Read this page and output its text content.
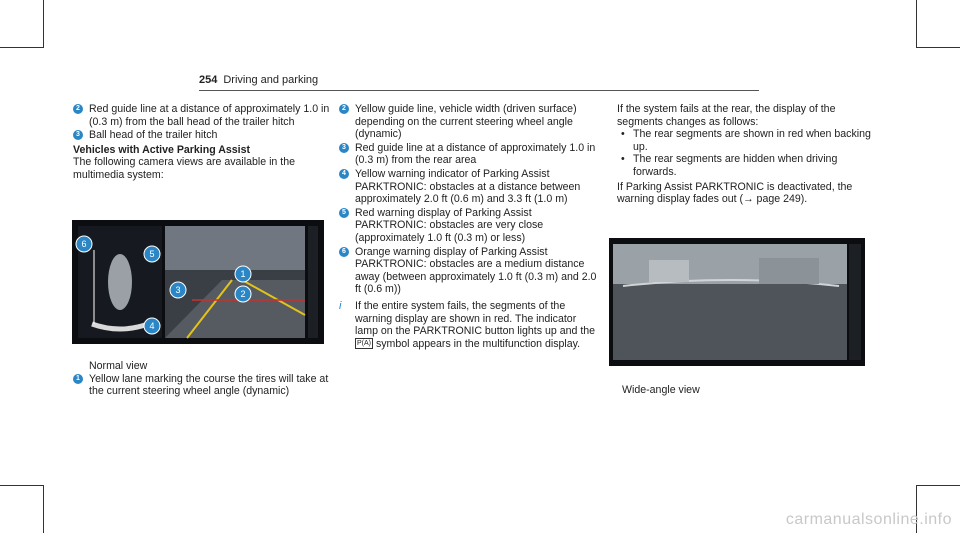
254 Driving and parking
2 Red guide line at a distance of approximately 1.0 in (0.3 m) from the ball head of the trailer hitch
3 Ball head of the trailer hitch
Vehicles with Active Parking Assist
The following camera views are available in the multimedia system:
6
5
4
3
1
2
Normal view
1 Yellow lane marking the course the tires will take at the current steering wheel angle (dynamic)
2 Yellow guide line, vehicle width (driven surface) depending on the current steering wheel angle (dynamic)
3 Red guide line at a distance of approximately 1.0 in (0.3 m) from the rear area
4 Yellow warning indicator of Parking Assist PARKTRONIC: obstacles at a distance between approximately 2.0 ft (0.6 m) and 3.3 ft (1.0 m)
5 Red warning display of Parking Assist PARKTRONIC: obstacles are very close (approximately 1.0 ft (0.3 m) or less)
6 Orange warning display of Parking Assist PARKTRONIC: obstacles are a medium distance away (between approximately 1.0 ft (0.3 m) and 2.0 ft (0.6 m))
i If the entire system fails, the segments of the warning display are shown in red. The indicator lamp on the PARKTRONIC button lights up and the P(A) symbol appears in the multifunction display.
If the system fails at the rear, the display of the segments changes as follows:
• The rear segments are shown in red when backing up.
• The rear segments are hidden when driving forwards.
If Parking Assist PARKTRONIC is deactivated, the warning display fades out (→ page 249).
Wide-angle view
carmanualsonline.info
